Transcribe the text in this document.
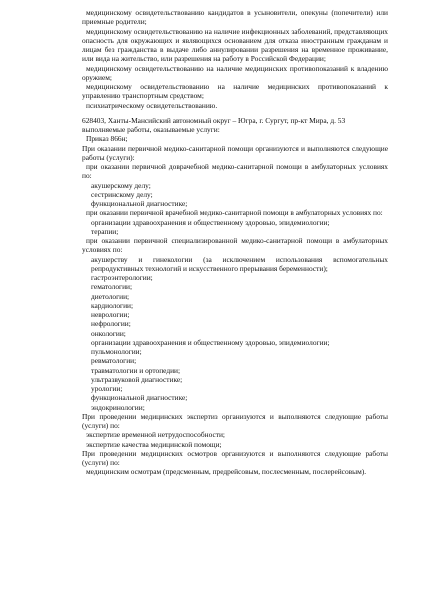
медицинскому освидетельствованию кандидатов в усыновители, опекуны (попечители) или приемные родители;

медицинскому освидетельствованию на наличие инфекционных заболеваний, представляющих опасность для окружающих и являющихся основанием для отказа иностранным гражданам и лицам без гражданства в выдаче либо аннулировании разрешения на временное проживание, или вида на жительство, или разрешения на работу в Российской Федерации;

медицинскому освидетельствованию на наличие медицинских противопоказаний к владению оружием;

медицинскому освидетельствованию на наличие медицинских противопоказаний к управлению транспортным средством;

психиатрическому освидетельствованию.

628403, Ханты-Мансийский автономный округ – Югра, г. Сургут, пр-кт Мира, д. 53

выполняемые работы, оказываемые услуги:

Приказ 866н;

При оказании первичной медико-санитарной помощи организуются и выполняются следующие работы (услуги):

при оказании первичной доврачебной медико-санитарной помощи в амбулаторных условиях по:

акушерскому делу;

сестринскому делу;

функциональной диагностике;

при оказании первичной врачебной медико-санитарной помощи в амбулаторных условиях по:

организации здравоохранения и общественному здоровью, эпидемиологии;

терапии;

при оказании первичной специализированной медико-санитарной помощи в амбулаторных условиях по:

акушерству и гинекологии (за исключением использования вспомогательных репродуктивных технологий и искусственного прерывания беременности);

гастроэнтерологии;

гематологии;

диетологии;

кардиологии;

неврологии;

нефрологии;

онкологии;

организации здравоохранения и общественному здоровью, эпидемиологии;

пульмонологии;

ревматологии;

травматологии и ортопедии;

ультразвуковой диагностике;

урологии;

функциональной диагностике;

эндокринологии;

При проведении медицинских экспертиз организуются и выполняются следующие работы (услуги) по:

экспертизе временной нетрудоспособности;

экспертизе качества медицинской помощи;

При проведении медицинских осмотров организуются и выполняются следующие работы (услуги) по:

медицинским осмотрам (предсменным, предрейсовым, послесменным, послерейсовым).
